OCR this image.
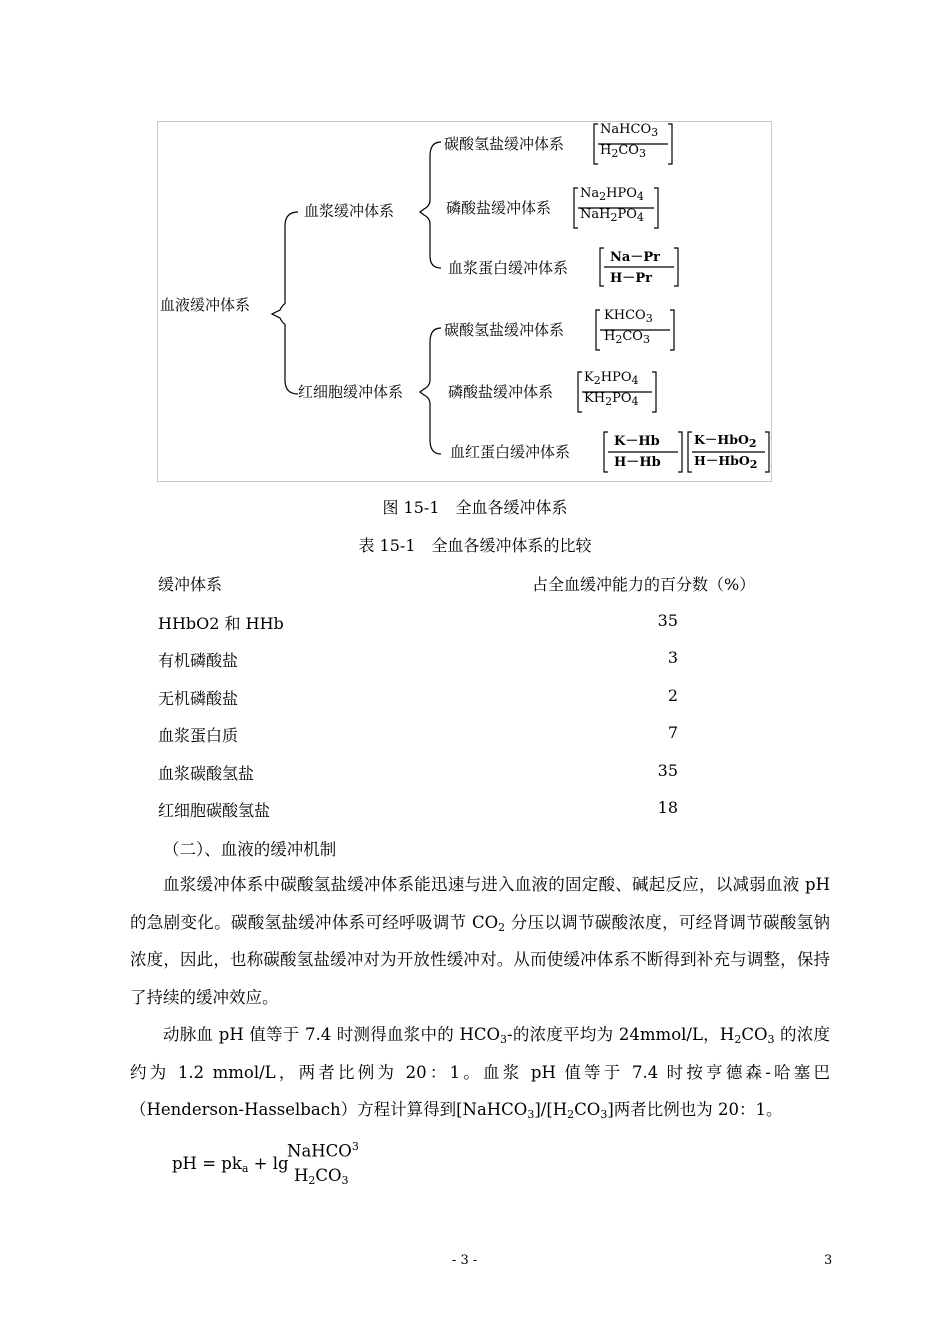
血液缓冲体系
血浆缓冲体系
红细胞缓冲体系
碳酸氢盐缓冲体系
NaHCO$_3$
$H_2CO_3$
磷酸盐缓冲体系
$Na_2HPO_4$
$NaH_2PO_4$
血浆蛋白缓冲体系
Na－Pr
H－Pr
碳酸氢盐缓冲体系
$KHCO_3$
$H_2CO_3$
磷酸盐缓冲体系
$K_2HPO_4$
$KH_2PO_4$
血红蛋白缓冲体系
K－Hb
H－Hb
K－HbO$_2$
H－HbO$_2$
图 15-1　全血各缓冲体系
表 15-1　全血各缓冲体系的比较
缓冲体系	占全血缓冲能力的百分数（%）
HHbO2 和 HHb	35
有机磷酸盐	3
无机磷酸盐	2
血浆蛋白质	7
血浆碳酸氢盐	35
红细胞碳酸氢盐	18
（二）、血液的缓冲机制
血浆缓冲体系中碳酸氢盐缓冲体系能迅速与进入血液的固定酸、碱起反应，以减弱血液 pH 的急剧变化。碳酸氢盐缓冲体系可经呼吸调节 $CO_2$ 分压以调节碳酸浓度，可经肾调节碳酸氢钠浓度，因此，也称碳酸氢盐缓冲对为开放性缓冲对。从而使缓冲体系不断得到补充与调整，保持了持续的缓冲效应。
动脉血 pH 值等于 7.4 时测得血浆中的 $HCO_3-$的浓度平均为 24mmol/L，$H_2CO_3$ 的浓度约为 1.2 mmol/L，两者比例为 20：1。血浆 pH 值等于 7.4 时按亨德森-哈塞巴（Henderson-Hasselbach）方程计算得到$[NaHCO_3]/[H_2CO_3]$两者比例也为 20：1。
pH = $pk_a + \lg$
NaHCO$^3$
$H_2CO_3$
- 3 -	3
